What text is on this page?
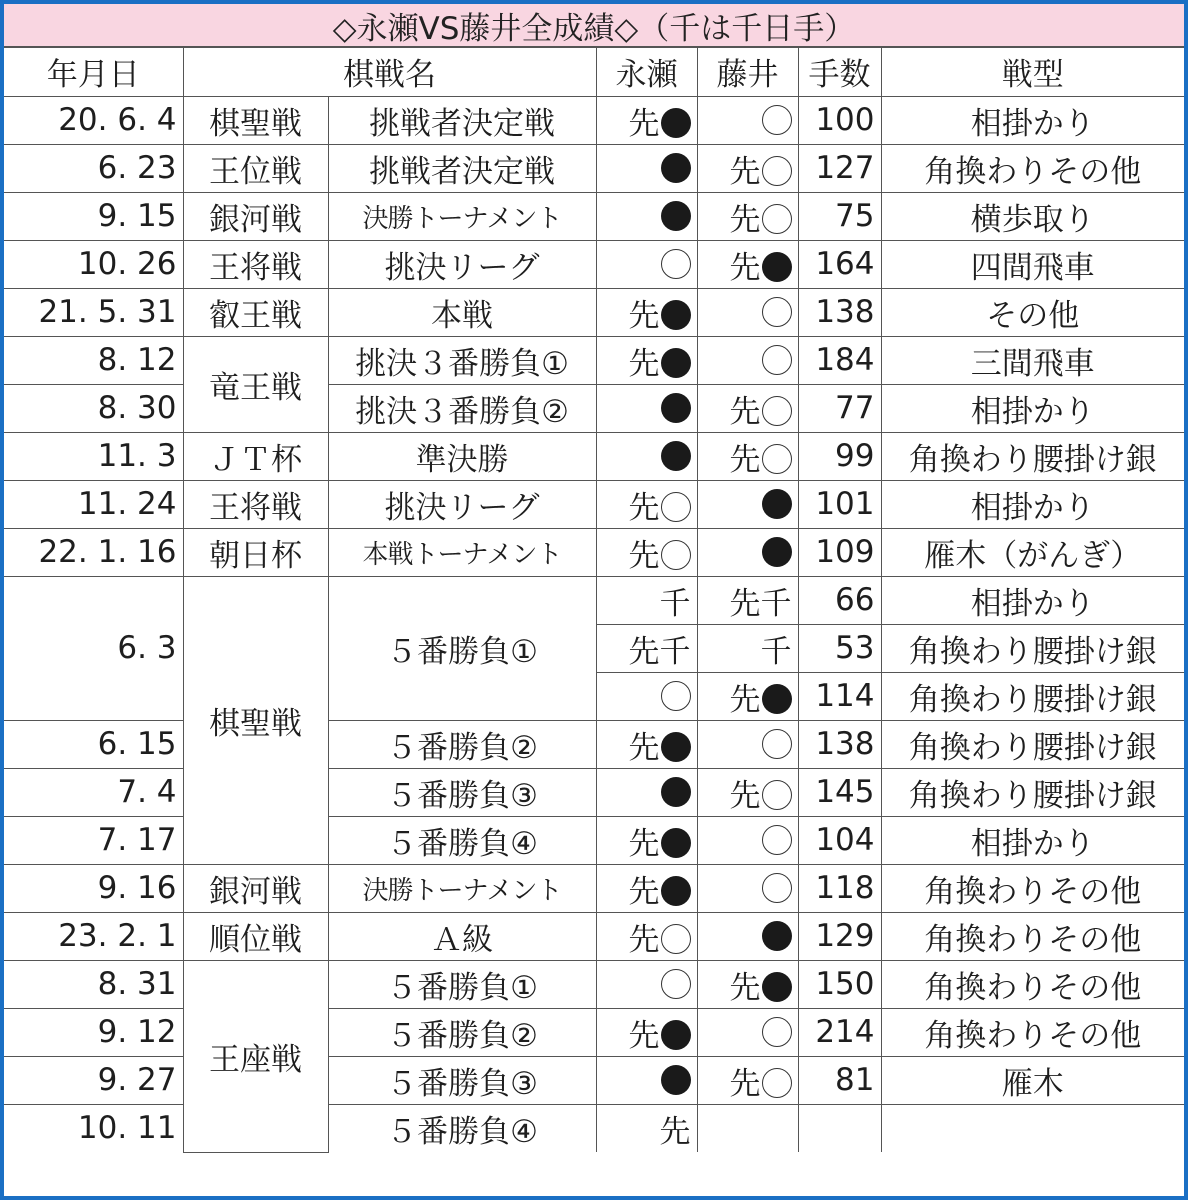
◇永瀬VS藤井全成績◇（千は千日手）
年月日	棋戦名		永瀬	藤井	手数	戦型
20. 6. 4	棋聖戦	挑戦者決定戦	先		100	相掛かり
6. 23	王位戦	挑戦者決定戦		先	127	角換わりその他
9. 15	銀河戦	決勝トーナメント		先	75	横歩取り
10. 26	王将戦	挑決リーグ		先	164	四間飛車
21. 5. 31	叡王戦	本戦	先		138	その他
8. 12	竜王戦	挑決３番勝負①	先		184	三間飛車
8. 30		挑決３番勝負②		先	77	相掛かり
11. 3	ＪＴ杯	準決勝		先	99	角換わり腰掛け銀
11. 24	王将戦	挑決リーグ	先		101	相掛かり
22. 1. 16	朝日杯	本戦トーナメント	先		109	雁木（がんぎ）
6. 3	棋聖戦	５番勝負①	千	先千	66	相掛かり
			先千	千	53	角換わり腰掛け銀
				先	114	角換わり腰掛け銀
6. 15		５番勝負②	先		138	角換わり腰掛け銀
7. 4		５番勝負③		先	145	角換わり腰掛け銀
7. 17		５番勝負④	先		104	相掛かり
9. 16	銀河戦	決勝トーナメント	先		118	角換わりその他
23. 2. 1	順位戦	Ａ級	先		129	角換わりその他
8. 31	王座戦	５番勝負①		先	150	角換わりその他
9. 12		５番勝負②	先		214	角換わりその他
9. 27		５番勝負③		先	81	雁木
10. 11		５番勝負④	先			
